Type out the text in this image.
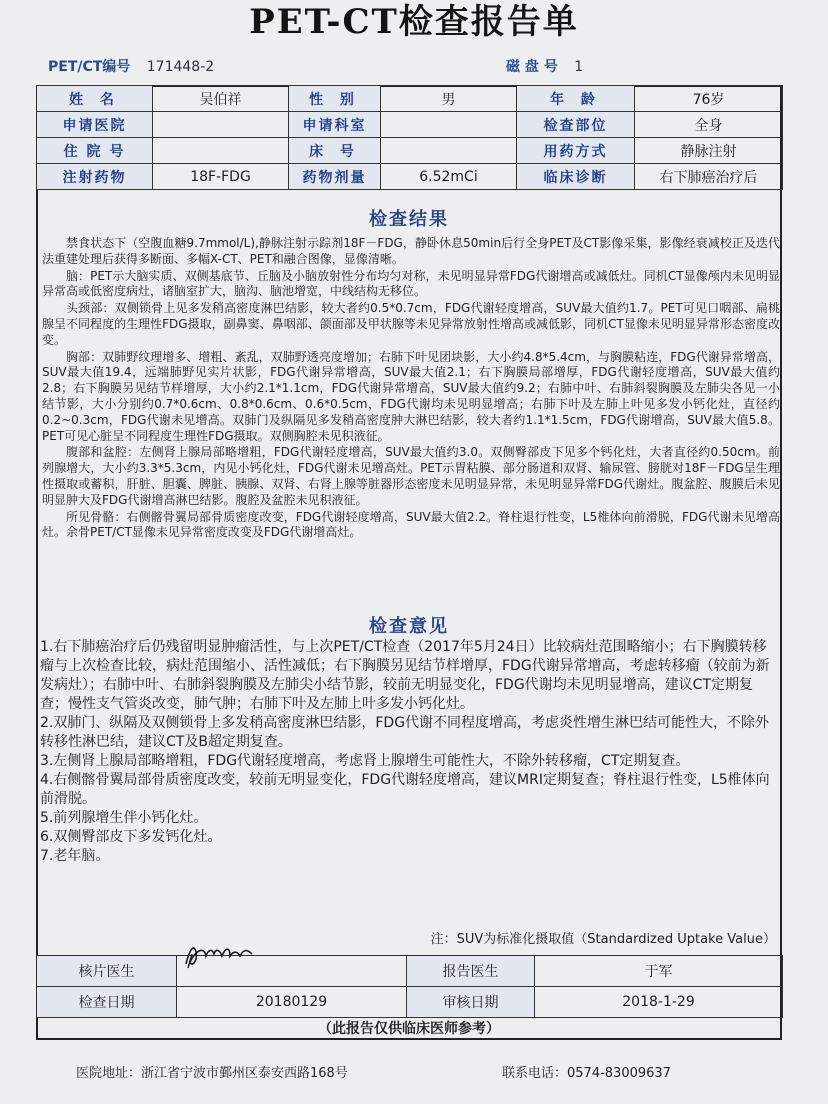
PET-CT检查报告单
PET/CT编号 171448-2	磁 盘 号 1
姓 名	吴伯祥	性 别	男	年 龄	76岁
申请医院		申请科室		检查部位	全身
住 院 号		床 号		用药方式	静脉注射
注射药物	18F-FDG	药物剂量	6.52mCi	临床诊断	右下肺癌治疗后
检查结果

禁食状态下（空腹血糖9.7mmol/L),静脉注射示踪剂18F－FDG，静卧休息50min后行全身PET及CT影像采集，影像经衰减校正及迭代法重建处理后获得多断面、多幅X-CT、PET和融合图像，显像清晰。

脑：PET示大脑实质、双侧基底节、丘脑及小脑放射性分布均匀对称，未见明显异常FDG代谢增高或减低灶。同机CT显像颅内未见明显异常高或低密度病灶，诸脑室扩大，脑沟、脑池增宽，中线结构无移位。

头颈部：双侧锁骨上见多发稍高密度淋巴结影，较大者约0.5*0.7cm，FDG代谢轻度增高，SUV最大值约1.7。PET可见口咽部、扁桃腺呈不同程度的生理性FDG摄取，副鼻窦、鼻咽部、颌面部及甲状腺等未见异常放射性增高或减低影，同机CT显像未见明显异常形态密度改变。

胸部：双肺野纹理增多、增粗、紊乱，双肺野透亮度增加；右肺下叶见团块影，大小约4.8*5.4cm，与胸膜粘连，FDG代谢异常增高，SUV最大值19.4，远端肺野见实片状影，FDG代谢异常增高，SUV最大值2.1；右下胸膜局部增厚，FDG代谢轻度增高，SUV最大值约2.8；右下胸膜另见结节样增厚，大小约2.1*1.1cm，FDG代谢异常增高，SUV最大值约9.2；右肺中叶、右肺斜裂胸膜及左肺尖各见一小结节影，大小分别约0.7*0.6cm、0.8*0.6cm、0.6*0.5cm，FDG代谢均未见明显增高；右肺下叶及左肺上叶见多发小钙化灶，直径约0.2~0.3cm，FDG代谢未见增高。双肺门及纵隔见多发稍高密度肿大淋巴结影，较大者约1.1*1.5cm，FDG代谢增高，SUV最大值5.8。PET可见心脏呈不同程度生理性FDG摄取。双侧胸腔未见积液征。

腹部和盆腔：左侧肾上腺局部略增粗，FDG代谢轻度增高，SUV最大值约3.0。双侧臀部皮下见多个钙化灶，大者直径约0.50cm。前列腺增大，大小约3.3*5.3cm，内见小钙化灶，FDG代谢未见增高灶。PET示胃粘膜、部分肠道和双肾、输尿管、膀胱对18F－FDG呈生理性摄取或蓄积，肝脏、胆囊、脾脏、胰腺、双肾、右肾上腺等脏器形态密度未见明显异常，未见明显异常FDG代谢灶。腹盆腔、腹膜后未见明显肿大及FDG代谢增高淋巴结影。腹腔及盆腔未见积液征。

所见骨骼：右侧髂骨翼局部骨质密度改变，FDG代谢轻度增高，SUV最大值2.2。脊柱退行性变，L5椎体向前滑脱，FDG代谢未见增高灶。余骨PET/CT显像未见异常密度改变及FDG代谢增高灶。

检查意见
1.右下肺癌治疗后仍残留明显肿瘤活性，与上次PET/CT检查（2017年5月24日）比较病灶范围略缩小；右下胸膜转移瘤与上次检查比较，病灶范围缩小、活性减低；右下胸膜另见结节样增厚，FDG代谢异常增高，考虑转移瘤（较前为新发病灶）；右肺中叶、右肺斜裂胸膜及左肺尖小结节影，较前无明显变化，FDG代谢均未见明显增高，建议CT定期复查；慢性支气管炎改变，肺气肿；右肺下叶及左肺上叶多发小钙化灶。
2.双肺门、纵隔及双侧锁骨上多发稍高密度淋巴结影，FDG代谢不同程度增高，考虑炎性增生淋巴结可能性大，不除外转移性淋巴结，建议CT及B超定期复查。
3.左侧肾上腺局部略增粗，FDG代谢轻度增高，考虑肾上腺增生可能性大，不除外转移瘤，CT定期复查。
4.右侧髂骨翼局部骨质密度改变，较前无明显变化，FDG代谢轻度增高，建议MRI定期复查；脊柱退行性变，L5椎体向前滑脱。
5.前列腺增生伴小钙化灶。
6.双侧臀部皮下多发钙化灶。
7.老年脑。
注：SUV为标准化摄取值（Standardized Uptake Value）
核片医生		报告医生	于军
检查日期	20180129	审核日期	2018-1-29
（此报告仅供临床医师参考）
医院地址：浙江省宁波市鄞州区泰安西路168号	联系电话：0574-83009637
